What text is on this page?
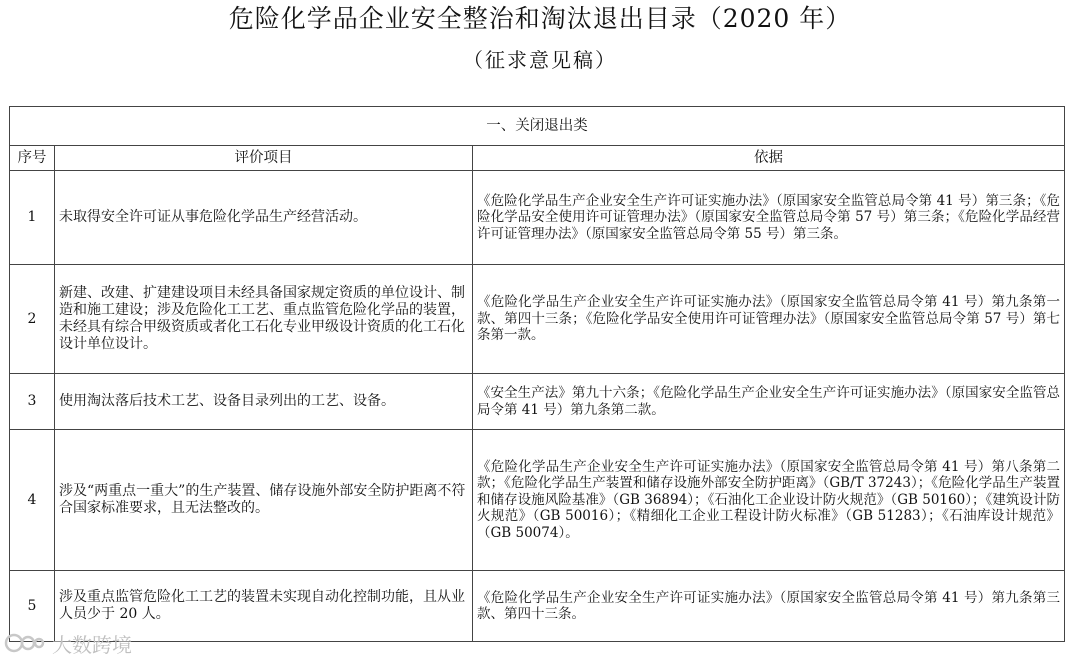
危险化学品企业安全整治和淘汰退出目录（2020 年）
（征求意见稿）
一、关闭退出类		
序号	评价项目	依据
1	未取得安全许可证从事危险化学品生产经营活动。	《危险化学品生产企业安全生产许可证实施办法》（原国家安全监管总局令第 41 号）第三条；《危险化学品安全使用许可证管理办法》（原国家安全监管总局令第 57 号）第三条；《危险化学品经营许可证管理办法》（原国家安全监管总局令第 55 号）第三条。
2	新建、改建、扩建建设项目未经具备国家规定资质的单位设计、制造和施工建设；涉及危险化工工艺、重点监管危险化学品的装置，未经具有综合甲级资质或者化工石化专业甲级设计资质的化工石化设计单位设计。	《危险化学品生产企业安全生产许可证实施办法》（原国家安全监管总局令第 41 号）第九条第一款、第四十三条；《危险化学品安全使用许可证管理办法》（原国家安全监管总局令第 57 号）第七条第一款。
3	使用淘汰落后技术工艺、设备目录列出的工艺、设备。	《安全生产法》第九十六条；《危险化学品生产企业安全生产许可证实施办法》（原国家安全监管总局令第 41 号）第九条第二款。
4	涉及“两重点一重大”的生产装置、储存设施外部安全防护距离不符合国家标准要求，且无法整改的。	《危险化学品生产企业安全生产许可证实施办法》（原国家安全监管总局令第 41 号）第八条第二款；《危险化学品生产装置和储存设施外部安全防护距离》（GB/T 37243）；《危险化学品生产装置和储存设施风险基准》（GB 36894）；《石油化工企业设计防火规范》（GB 50160）；《建筑设计防火规范》（GB 50016）；《精细化工企业工程设计防火标准》（GB 51283）；《石油库设计规范》（GB 50074）。
5	涉及重点监管危险化工工艺的装置未实现自动化控制功能，且从业人员少于 20 人。	《危险化学品生产企业安全生产许可证实施办法》（原国家安全监管总局令第 41 号）第九条第三款、第四十三条。
大数跨境
